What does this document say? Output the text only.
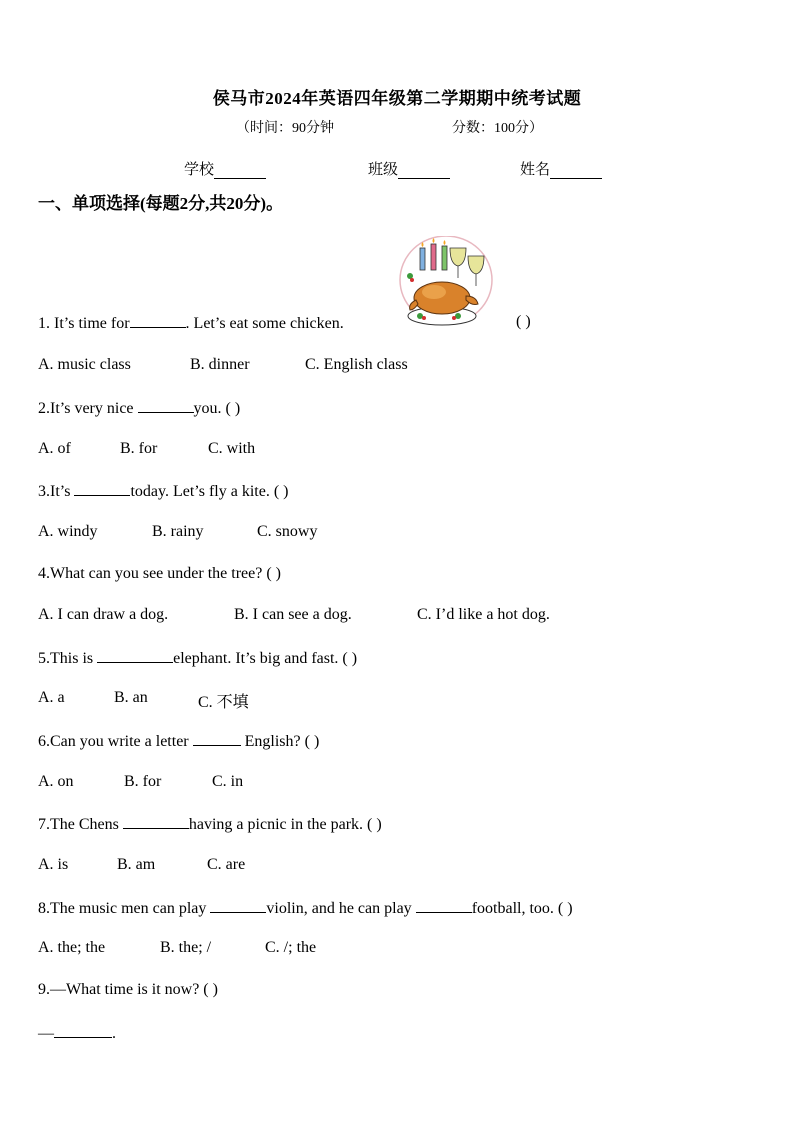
侯马市2024年英语四年级第二学期期中统考试题
（时间：90分钟	分数：100分）
学校	班级	姓名
一、单项选择(每题2分,共20分)。
1. It’s time for	. Let’s eat some chicken.	( )
A. music class	B. dinner	C. English class
2.It’s very nice	you. ( )
A. of	B. for	C. with
3.It’s	today. Let’s fly a kite. ( )
A. windy	B. rainy	C. snowy
4.What can you see under the tree? ( )
A. I can draw a dog.	B. I can see a dog.	C. I’d like a hot dog.
5.This is	elephant. It’s big and fast. ( )
A. a	B. an	C. 不填
6.Can you write a letter	English? ( )
A. on	B. for	C. in
7.The Chens	having a picnic in the park. ( )
A. is	B. am	C. are
8.The music men can play	violin, and he can play	football, too. ( )
A. the; the	B. the; /	C. /; the
9.—What time is it now? ( )
—	.
